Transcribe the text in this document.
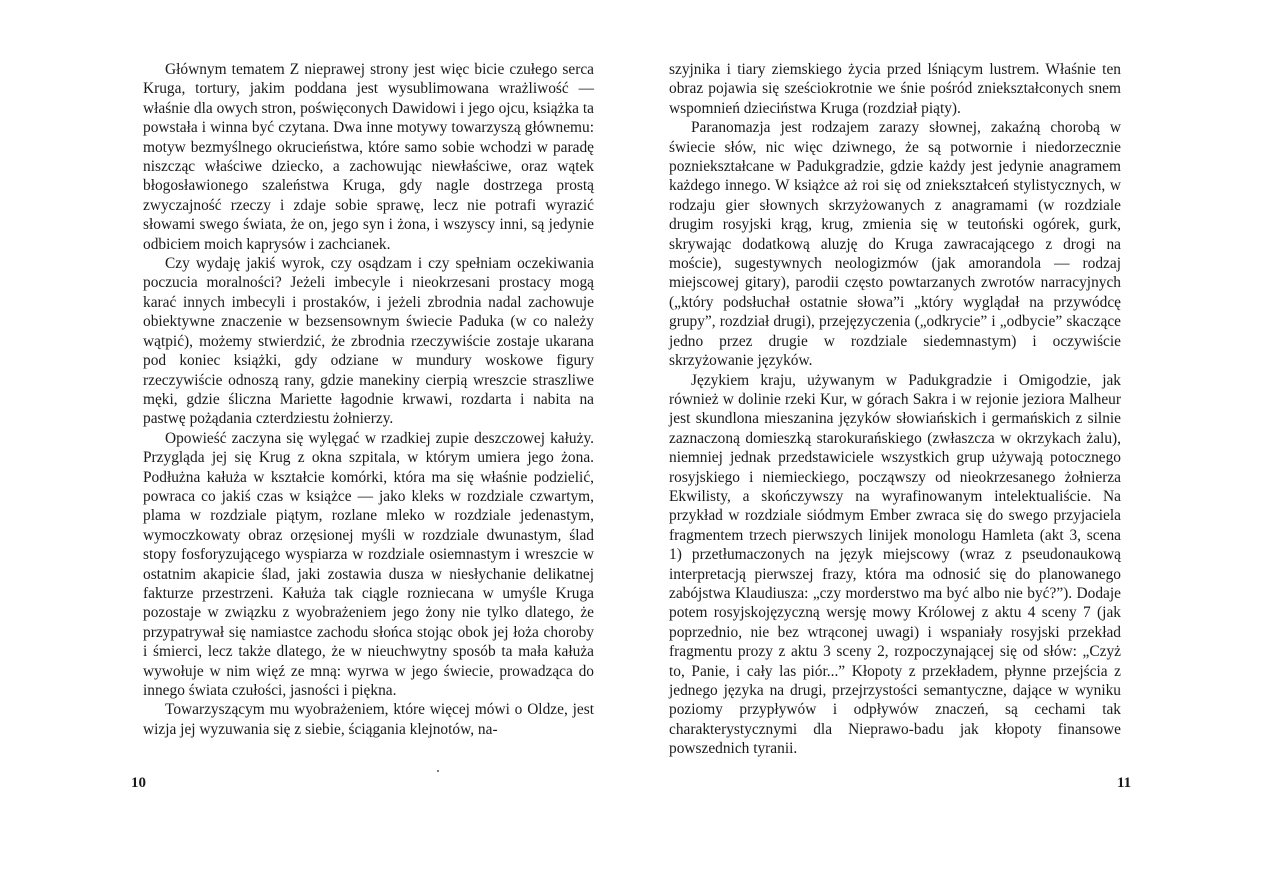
Głównym tematem Z nieprawej strony jest więc bicie czułego serca Kruga, tortury, jakim poddana jest wysublimowana wrażliwość — właśnie dla owych stron, poświęconych Dawidowi i jego ojcu, książka ta powstała i winna być czytana. Dwa inne motywy towarzyszą głównemu: motyw bezmyślnego okrucieństwa, które samo sobie wchodzi w paradę niszcząc właściwe dziecko, a zachowując niewłaściwe, oraz wątek błogosławionego szaleństwa Kruga, gdy nagle dostrzega prostą zwyczajność rzeczy i zdaje sobie sprawę, lecz nie potrafi wyrazić słowami swego świata, że on, jego syn i żona, i wszyscy inni, są jedynie odbiciem moich kaprysów i zachcianek.

Czy wydaję jakiś wyrok, czy osądzam i czy spełniam oczekiwania poczucia moralności? Jeżeli imbecyle i nieokrzesani prostacy mogą karać innych imbecyli i prostaków, i jeżeli zbrodnia nadal zachowuje obiektywne znaczenie w bezsensownym świecie Paduka (w co należy wątpić), możemy stwierdzić, że zbrodnia rzeczywiście zostaje ukarana pod koniec książki, gdy odziane w mundury woskowe figury rzeczywiście odnoszą rany, gdzie manekiny cierpią wreszcie straszliwe męki, gdzie śliczna Mariette łagodnie krwawi, rozdarta i nabita na pastwę pożądania czterdziestu żołnierzy.

Opowieść zaczyna się wylęgać w rzadkiej zupie deszczowej kałuży. Przygląda jej się Krug z okna szpitala, w którym umiera jego żona. Podłużna kałuża w kształcie komórki, która ma się właśnie podzielić, powraca co jakiś czas w książce — jako kleks w rozdziale czwartym, plama w rozdziale piątym, rozlane mleko w rozdziale jedenastym, wymoczkowaty obraz orzęsionej myśli w rozdziale dwunastym, ślad stopy fosforyzującego wyspiarza w rozdziale osiemnastym i wreszcie w ostatnim akapicie ślad, jaki zostawia dusza w niesłychanie delikatnej fakturze przestrzeni. Kałuża tak ciągle rozniecana w umyśle Kruga pozostaje w związku z wyobrażeniem jego żony nie tylko dlatego, że przypatrywał się namiastce zachodu słońca stojąc obok jej łoża choroby i śmierci, lecz także dlatego, że w nieuchwytny sposób ta mała kałuża wywołuje w nim więź ze mną: wyrwa w jego świecie, prowadząca do innego świata czułości, jasności i piękna.

Towarzyszącym mu wyobrażeniem, które więcej mówi o Oldze, jest wizja jej wyzuwania się z siebie, ściągania klejnotów, na-

szyjnika i tiary ziemskiego życia przed lśniącym lustrem. Właśnie ten obraz pojawia się sześciokrotnie we śnie pośród zniekształconych snem wspomnień dzieciństwa Kruga (rozdział piąty).

Paranomazja jest rodzajem zarazy słownej, zakaźną chorobą w świecie słów, nic więc dziwnego, że są potwornie i niedorzecznie pozniekształcane w Padukgradzie, gdzie każdy jest jedynie anagramem każdego innego. W książce aż roi się od zniekształceń stylistycznych, w rodzaju gier słownych skrzyżowanych z anagramami (w rozdziale drugim rosyjski krąg, krug, zmienia się w teutoński ogórek, gurk, skrywając dodatkową aluzję do Kruga zawracającego z drogi na moście), sugestywnych neologizmów (jak amorandola — rodzaj miejscowej gitary), parodii często powtarzanych zwrotów narracyjnych („który podsłuchał ostatnie słowa”i „który wyglądał na przywódcę grupy”, rozdział drugi), przejęzyczenia („odkrycie” i „odbycie” skaczące jedno przez drugie w rozdziale siedemnastym) i oczywiście skrzyżowanie języków.

Językiem kraju, używanym w Padukgradzie i Omigodzie, jak również w dolinie rzeki Kur, w górach Sakra i w rejonie jeziora Malheur jest skundlona mieszanina języków słowiańskich i germańskich z silnie zaznaczoną domieszką starokurańskiego (zwłaszcza w okrzykach żalu), niemniej jednak przedstawiciele wszystkich grup używają potocznego rosyjskiego i niemieckiego, począwszy od nieokrzesanego żołnierza Ekwilisty, a skończywszy na wyrafinowanym intelektualiście. Na przykład w rozdziale siódmym Ember zwraca się do swego przyjaciela fragmentem trzech pierwszych linijek monologu Hamleta (akt 3, scena 1) przetłumaczonych na język miejscowy (wraz z pseudonaukową interpretacją pierwszej frazy, która ma odnosić się do planowanego zabójstwa Klaudiusza: „czy morderstwo ma być albo nie być?”). Dodaje potem rosyjskojęzyczną wersję mowy Królowej z aktu 4 sceny 7 (jak poprzednio, nie bez wtrąconej uwagi) i wspaniały rosyjski przekład fragmentu prozy z aktu 3 sceny 2, rozpoczynającej się od słów: „Czyż to, Panie, i cały las piór...” Kłopoty z przekładem, płynne przejścia z jednego języka na drugi, przejrzystości semantyczne, dające w wyniku poziomy przypływów i odpływów znaczeń, są cechami tak charakterystycznymi dla Nieprawo-badu jak kłopoty finansowe powszednich tyranii.

10	11
